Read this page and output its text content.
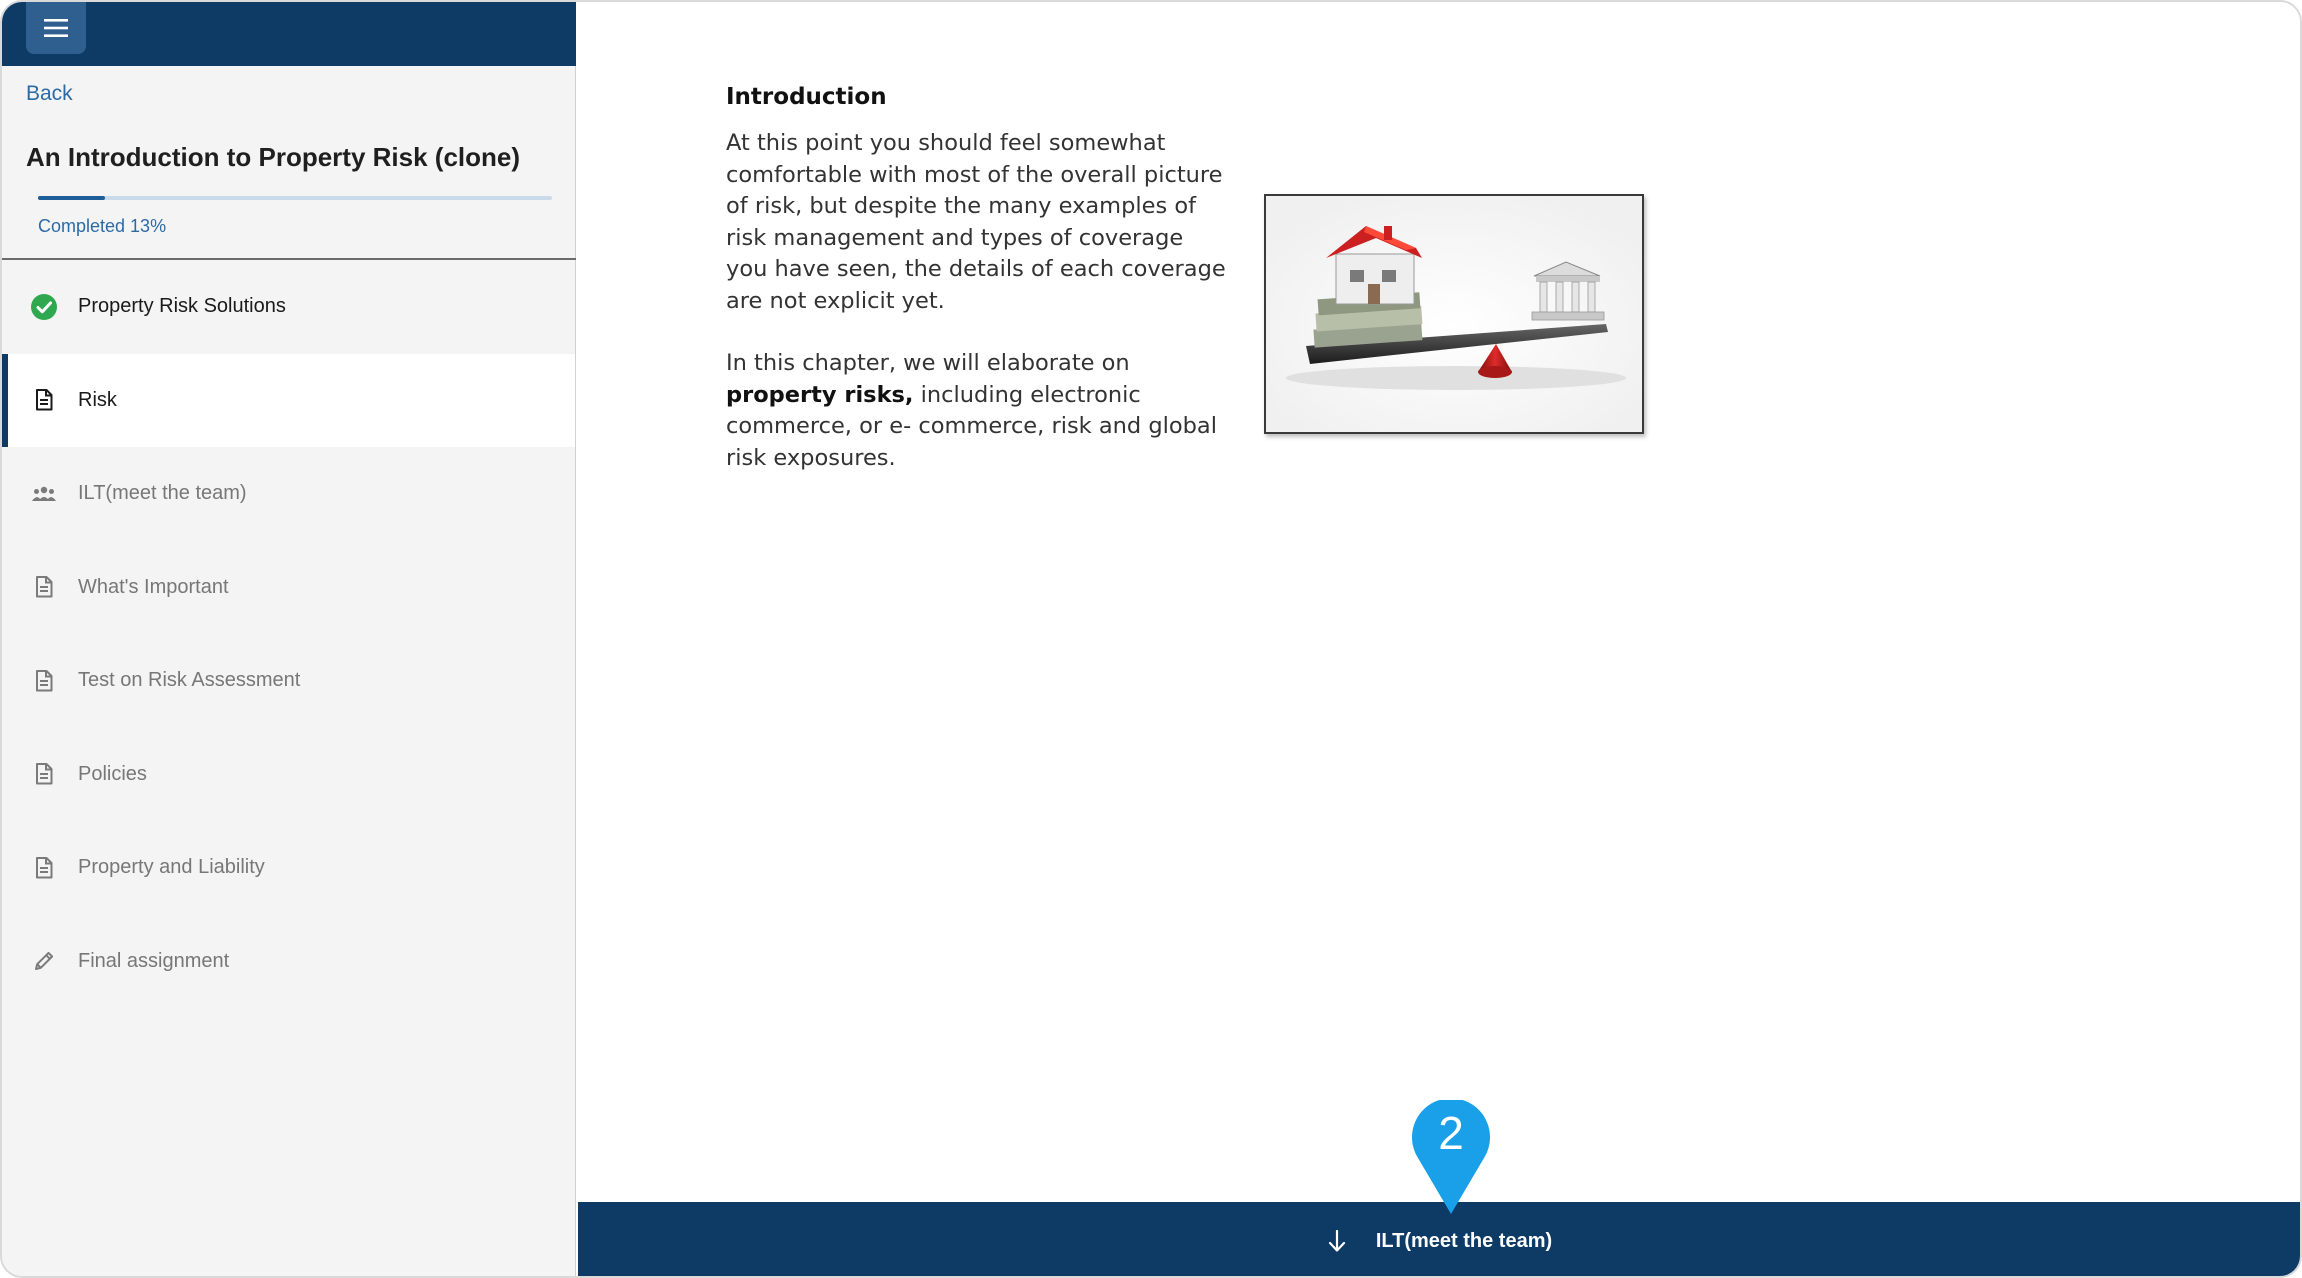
Back
An Introduction to Property Risk (clone)
Completed 13%
Property Risk Solutions
Risk
ILT(meet the team)
What's Important
Test on Risk Assessment
Policies
Property and Liability
Final assignment
Introduction

At this point you should feel somewhat comfortable with most of the overall picture of risk, but despite the many examples of risk management and types of coverage you have seen, the details of each coverage are not explicit yet.

In this chapter, we will elaborate on property risks, including electronic commerce, or e- commerce, risk and global risk exposures.

ILT(meet the team)
2
